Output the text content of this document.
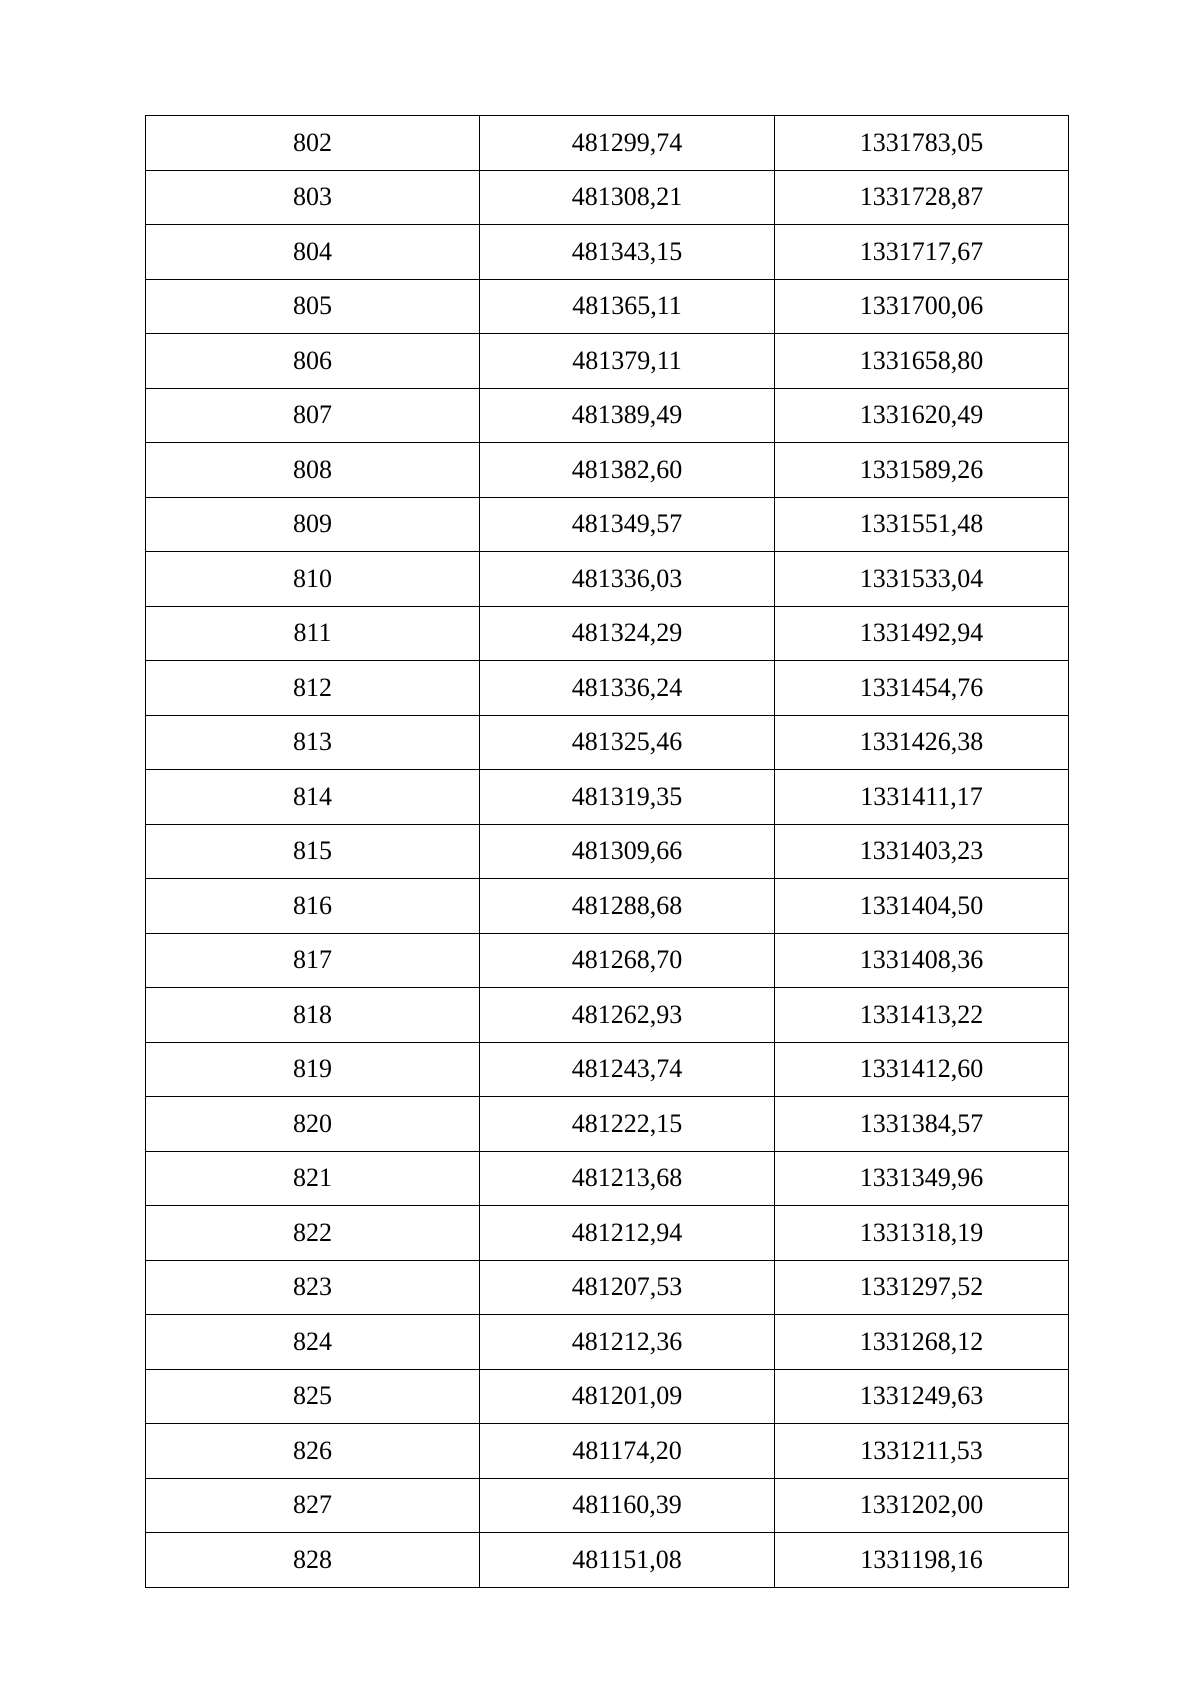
802	481299,74	1331783,05
803	481308,21	1331728,87
804	481343,15	1331717,67
805	481365,11	1331700,06
806	481379,11	1331658,80
807	481389,49	1331620,49
808	481382,60	1331589,26
809	481349,57	1331551,48
810	481336,03	1331533,04
811	481324,29	1331492,94
812	481336,24	1331454,76
813	481325,46	1331426,38
814	481319,35	1331411,17
815	481309,66	1331403,23
816	481288,68	1331404,50
817	481268,70	1331408,36
818	481262,93	1331413,22
819	481243,74	1331412,60
820	481222,15	1331384,57
821	481213,68	1331349,96
822	481212,94	1331318,19
823	481207,53	1331297,52
824	481212,36	1331268,12
825	481201,09	1331249,63
826	481174,20	1331211,53
827	481160,39	1331202,00
828	481151,08	1331198,16
